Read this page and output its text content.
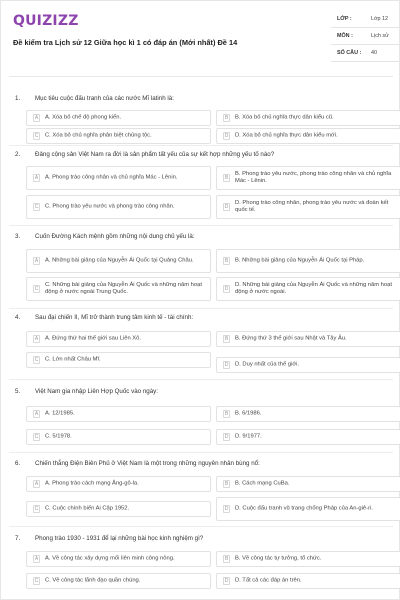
QUIZIZZ
Đề kiểm tra Lịch sử 12 Giữa học kì 1 có đáp án (Mới nhất) Đề 14
LỚP :	Lớp 12
MÔN :	Lịch sử
SỐ CÂU : 40
1. Mục tiêu cuộc đấu tranh của các nước Mĩ latinh là:
A	A. Xóa bỏ chế độ phong kiến.	B	B. Xóa bỏ chủ nghĩa thực dân kiểu cũ.
C C. Xóa bỏ chủ nghĩa phân biệt chủng tộc.	D D. Xóa bỏ chủ nghĩa thực dân kiểu mới.
2. Đảng cộng sản Việt Nam ra đời là sản phẩm tất yếu của sự kết hợp những yếu tố nào?
A	A. Phong trào công nhân và chủ nghĩa Mác - Lênin.	B
B. Phong trào yêu nước, phong trào công nhân và chủ nghĩa Mác - Lênin.
C C. Phong trào yêu nước và phong trào công nhân.	D
D. Phong trào công nhân, phong trào yêu nước và đoàn kết quốc tế.
3. Cuốn Đường Kách mệnh gồm những nội dung chủ yếu là:
A	A. Những bài giảng của Nguyễn Ái Quốc tại Quảng Châu.	B	B. Những bài giảng của Nguyễn Ái Quốc tại Pháp.
C
C. Những bài giảng của Nguyễn Ái Quốc và những năm hoạt động ở nước ngoài Trung Quốc.	D
D. Những bài giảng của Nguyễn Ái Quốc và những năm hoạt động ở nước ngoài.
4. Sau đại chiến II, Mĩ trở thành trung tâm kinh tế - tài chính:
A	A. Đứng thứ hai thế giới sau Liên Xô.	B	B. Đứng thứ 3 thế giới sau Nhật và Tây Âu.
C C. Lớn nhất Châu Mĩ.
D D. Duy nhất của thế giới.
5. Việt Nam gia nhập Liên Hợp Quốc vào ngày:
A	A. 12/1985.	B	B. 6/1986.
C C. 5/1978.	D D. 9/1977.
6. Chiến thắng Điện Biên Phủ ở Việt Nam là một trong những nguyên nhân bùng nổ:
A	A. Phong trào cách mạng Ăng-gô-la.	B	B. Cách mạng CuBa.
C C. Cuộc chính biến Ai Cập 1952.	D D. Cuộc đấu tranh vũ trang chống Pháp của An-giê-ri.
7. Phong trào 1930 - 1931 để lại những bài học kinh nghiệm gì?
A	A. Về công tác xây dựng mối liên minh công nông.	B	B. Về công tác tự tưởng, tổ chức.
C C. Về công tác lãnh đạo quần chúng.	D D. Tất cả các đáp án trên.
